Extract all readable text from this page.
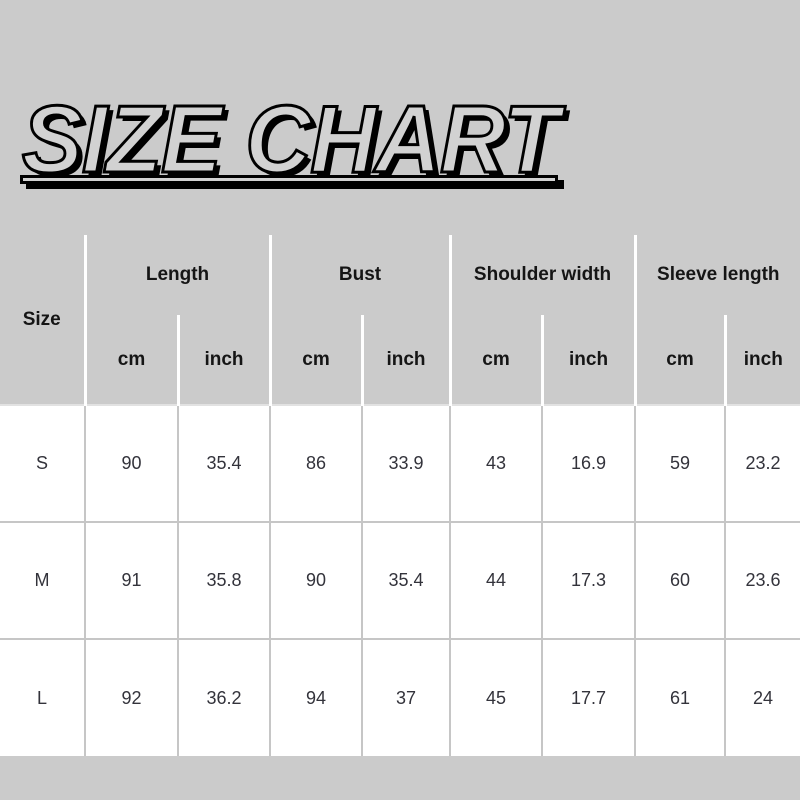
SIZE CHART
Size	Length		Bust		Shoulder width		Sleeve length	
	cm	inch	cm	inch	cm	inch	cm	inch
S	90	35.4	86	33.9	43	16.9	59	23.2
M	91	35.8	90	35.4	44	17.3	60	23.6
L	92	36.2	94	37	45	17.7	61	24
